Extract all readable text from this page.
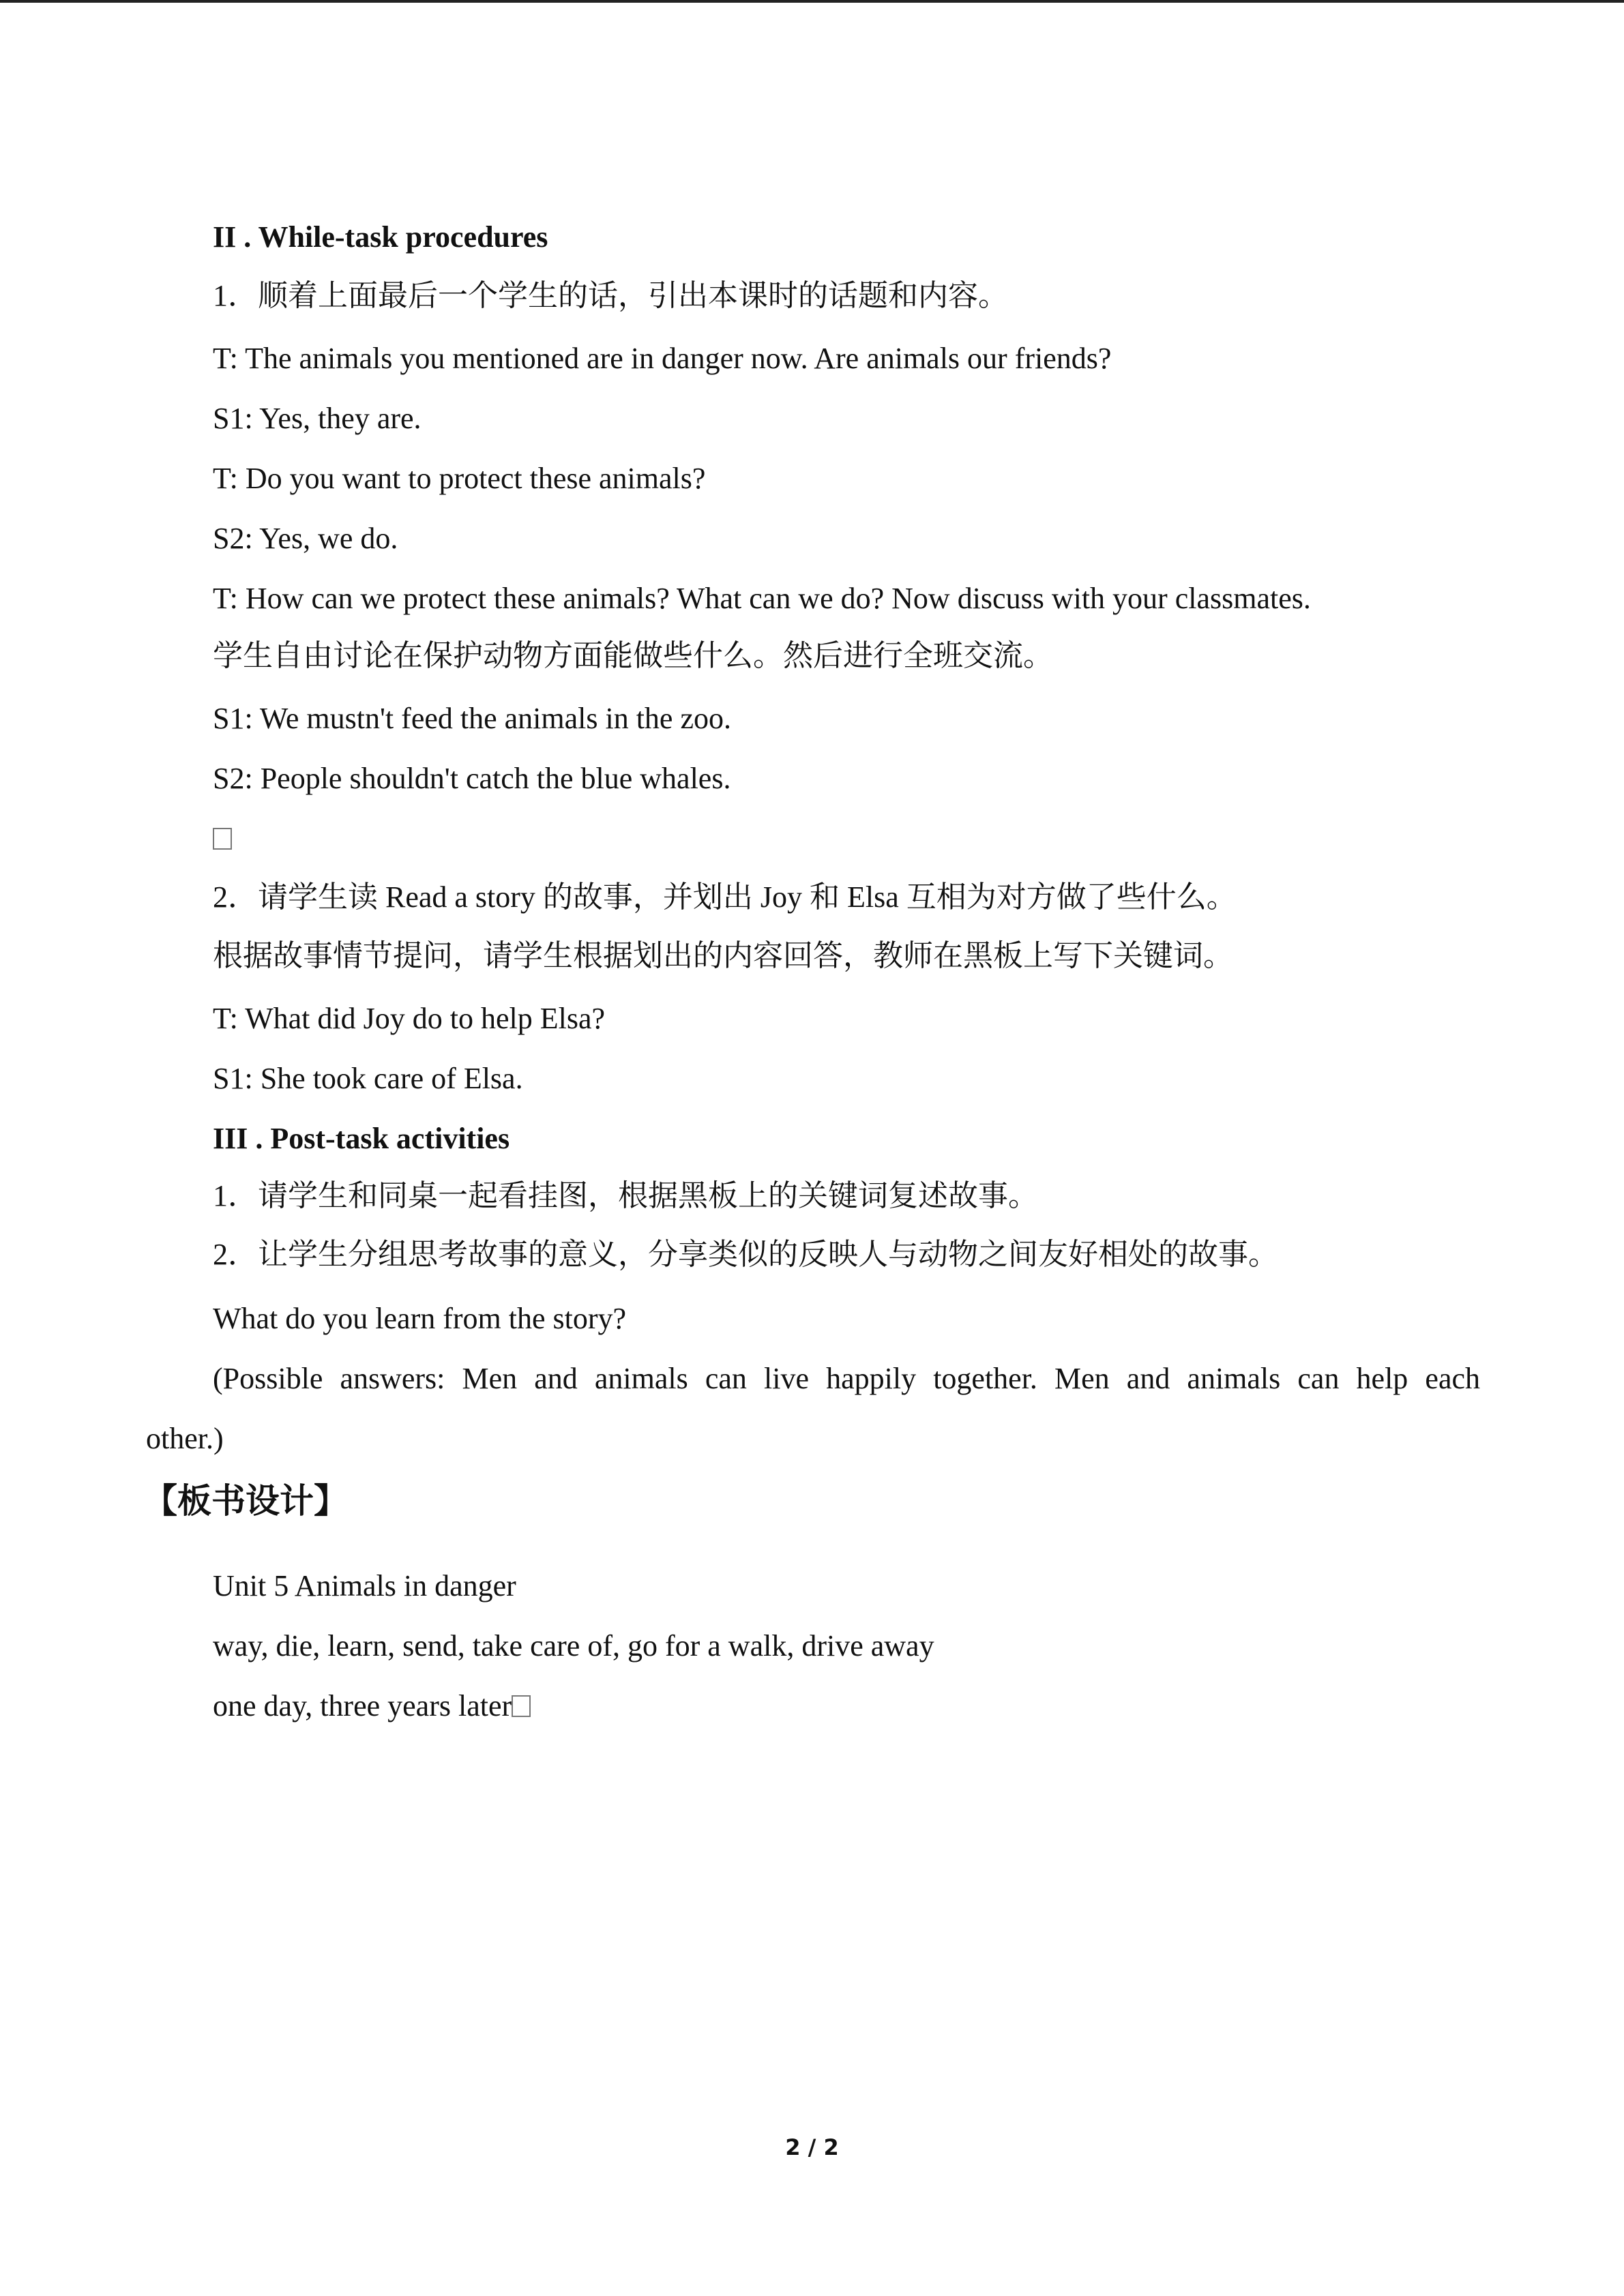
II . While-task procedures
1．顺着上面最后一个学生的话，引出本课时的话题和内容。
T: The animals you mentioned are in danger now. Are animals our friends?
S1: Yes, they are.
T: Do you want to protect these animals?
S2: Yes, we do.
T: How can we protect these animals? What can we do? Now discuss with your classmates.
学生自由讨论在保护动物方面能做些什么。然后进行全班交流。
S1: We mustn't feed the animals in the zoo.
S2: People shouldn't catch the blue whales.
2．请学生读 Read a story 的故事，并划出 Joy 和 Elsa 互相为对方做了些什么。
根据故事情节提问，请学生根据划出的内容回答，教师在黑板上写下关键词。
T: What did Joy do to help Elsa?
S1: She took care of Elsa.
III . Post-task activities
1．请学生和同桌一起看挂图，根据黑板上的关键词复述故事。
2．让学生分组思考故事的意义，分享类似的反映人与动物之间友好相处的故事。
What do you learn from the story?
(Possible answers: Men and animals can live happily together. Men and animals can help each
other.)
【板书设计】
Unit 5 Animals in danger
way, die, learn, send, take care of, go for a walk, drive away
one day, three years later
2 / 2
